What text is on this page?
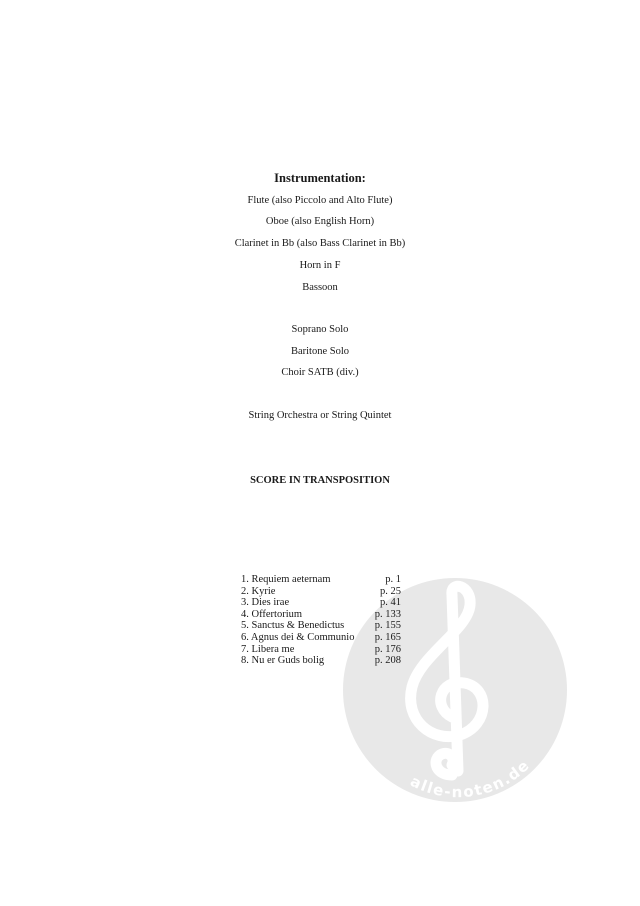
Instrumentation:
Flute (also Piccolo and Alto Flute)
Oboe (also English Horn)
Clarinet in Bb (also Bass Clarinet in Bb)
Horn in F
Bassoon
Soprano Solo
Baritone Solo
Choir SATB (div.)
String Orchestra or String Quintet
SCORE IN TRANSPOSITION
alle-noten.de
1. Requiem aeternam	p. 1
2. Kyrie	p. 25
3. Dies irae	p. 41
4. Offertorium	p. 133
5. Sanctus & Benedictus	p. 155
6. Agnus dei & Communio p. 165
7. Libera me	p. 176
8. Nu er Guds bolig	p. 208
